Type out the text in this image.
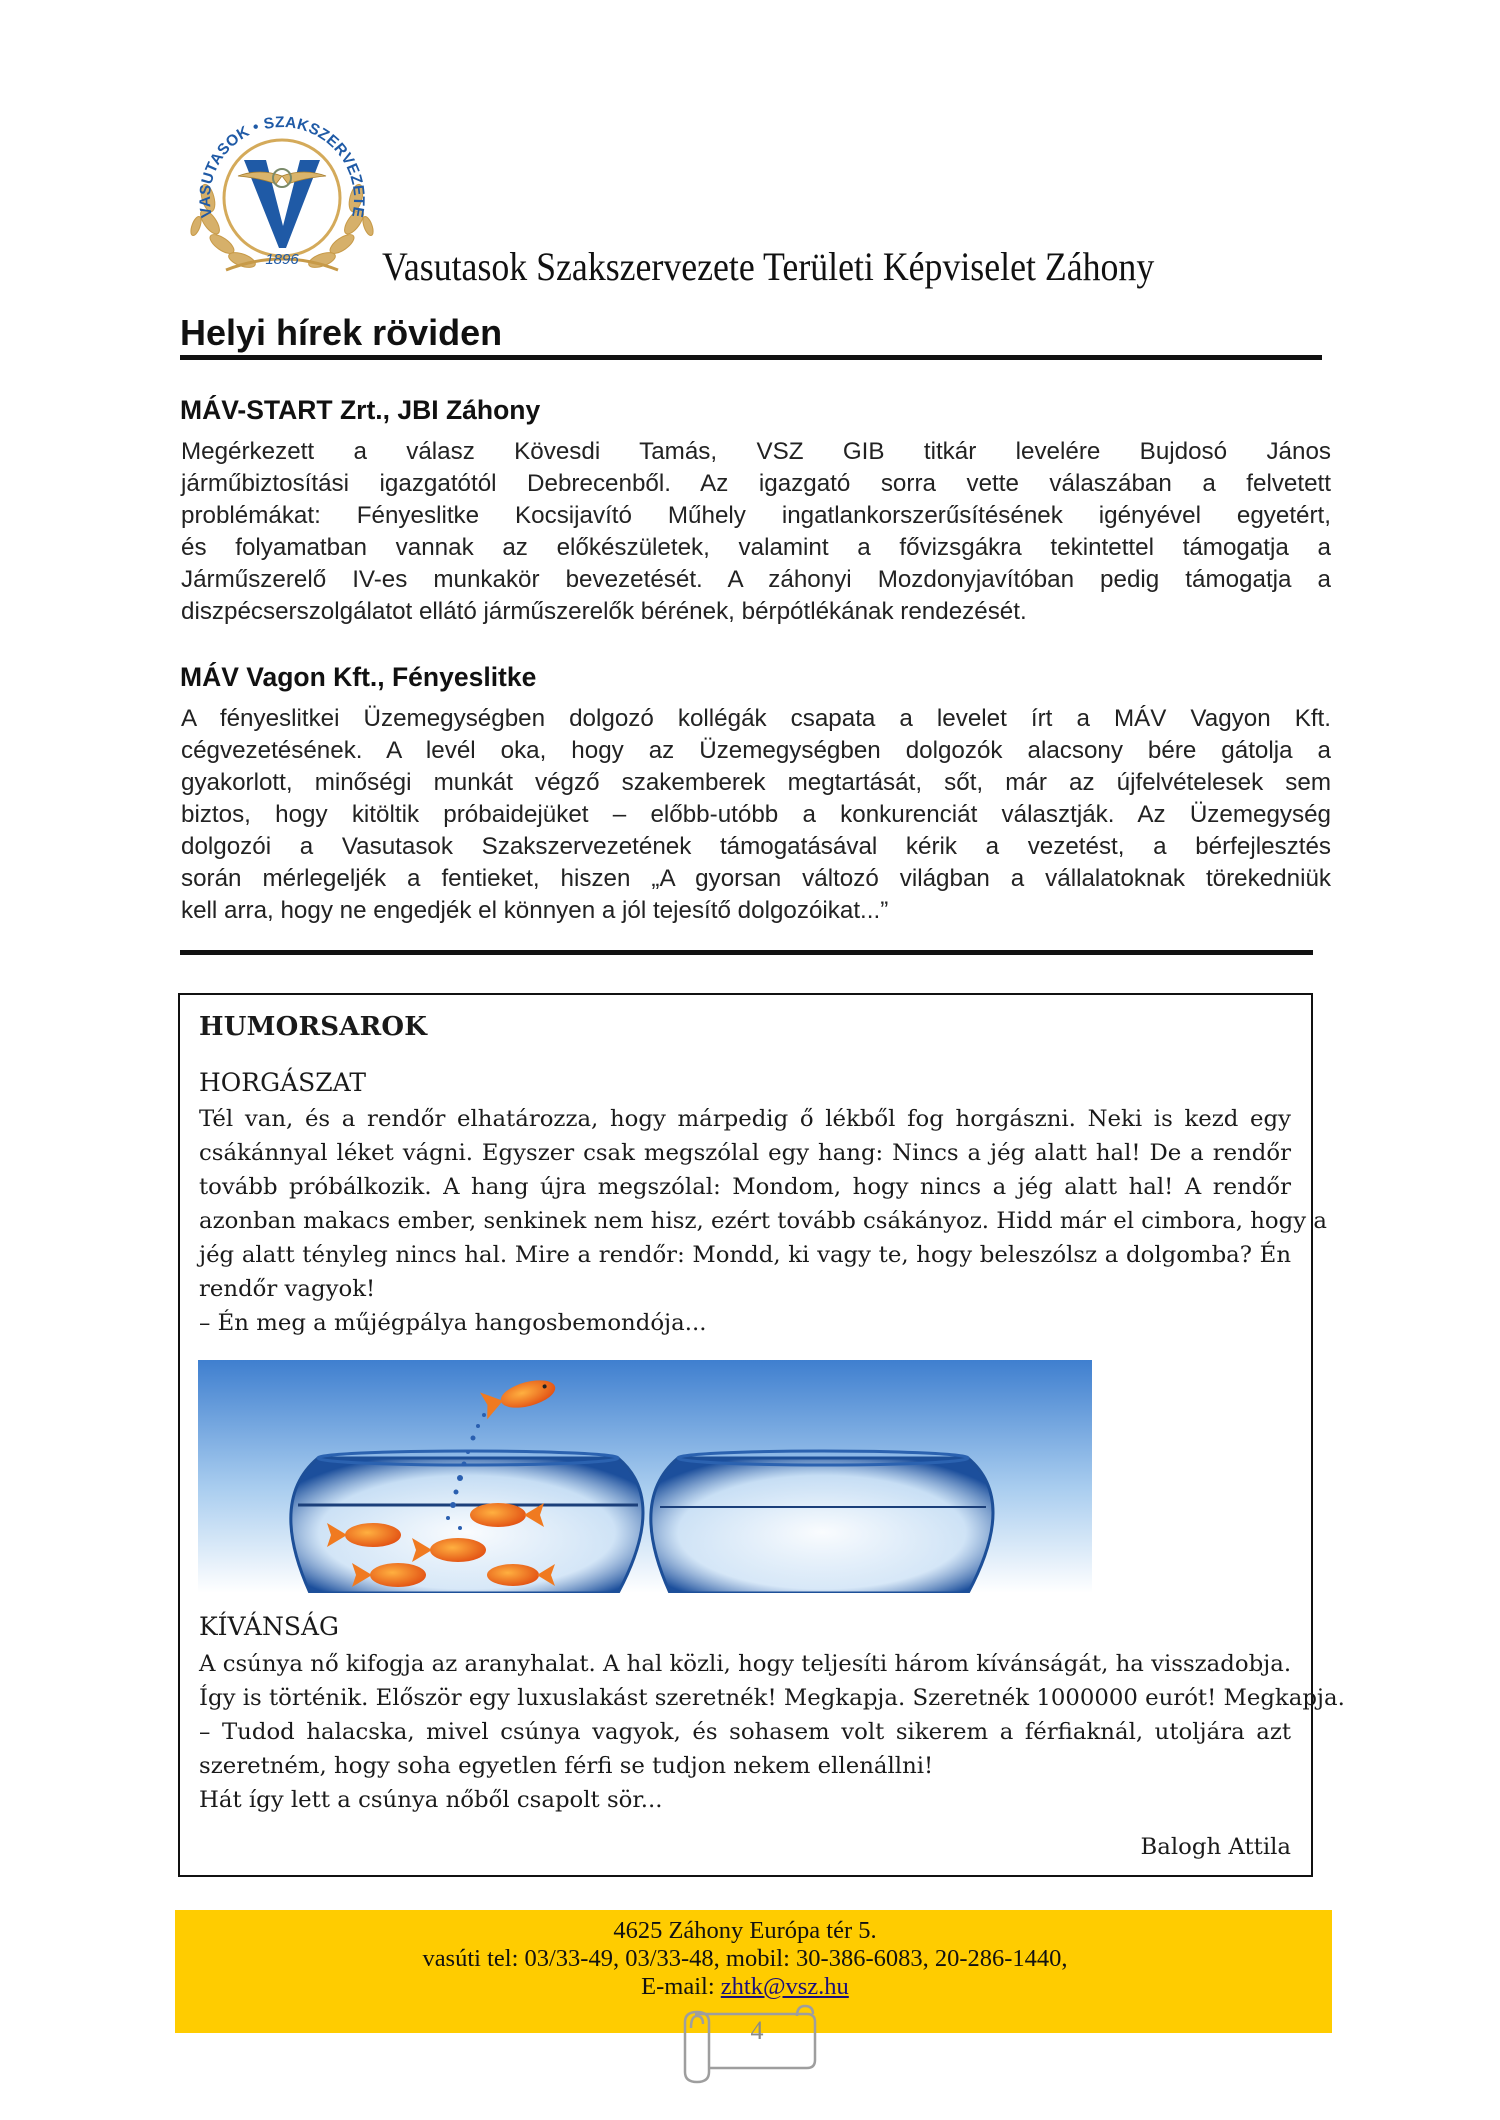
1896
VASUTASOK • SZAKSZERVEZETE
Vasutasok Szakszervezete Területi Képviselet Záhony
Helyi hírek röviden
MÁV-START Zrt., JBI Záhony
Megérkezett a válasz Kövesdi Tamás, VSZ GIB titkár levelére Bujdosó János
járműbiztosítási igazgatótól Debrecenből. Az igazgató sorra vette válaszában a felvetett
problémákat: Fényeslitke Kocsijavító Műhely ingatlankorszerűsítésének igényével egyetért,
és folyamatban vannak az előkészületek, valamint a fővizsgákra tekintettel támogatja a
Járműszerelő IV-es munkakör bevezetését. A záhonyi Mozdonyjavítóban pedig támogatja a
diszpécserszolgálatot ellátó járműszerelők bérének, bérpótlékának rendezését.
MÁV Vagon Kft., Fényeslitke
A fényeslitkei Üzemegységben dolgozó kollégák csapata a levelet írt a MÁV Vagyon Kft.
cégvezetésének. A levél oka, hogy az Üzemegységben dolgozók alacsony bére gátolja a
gyakorlott, minőségi munkát végző szakemberek megtartását, sőt, már az újfelvételesek sem
biztos, hogy kitöltik próbaidejüket – előbb-utóbb a konkurenciát választják. Az Üzemegység
dolgozói a Vasutasok Szakszervezetének támogatásával kérik a vezetést, a bérfejlesztés
során mérlegeljék a fentieket, hiszen „A gyorsan változó világban a vállalatoknak törekedniük
kell arra, hogy ne engedjék el könnyen a jól tejesítő dolgozóikat...”
HUMORSAROK
HORGÁSZAT
Tél van, és a rendőr elhatározza, hogy márpedig ő lékből fog horgászni. Neki is kezd egy
csákánnyal léket vágni. Egyszer csak megszólal egy hang: Nincs a jég alatt hal! De a rendőr
tovább próbálkozik. A hang újra megszólal: Mondom, hogy nincs a jég alatt hal! A rendőr
azonban makacs ember, senkinek nem hisz, ezért tovább csákányoz. Hidd már el cimbora, hogy a
jég alatt tényleg nincs hal. Mire a rendőr: Mondd, ki vagy te, hogy beleszólsz a dolgomba? Én
rendőr vagyok!
– Én meg a műjégpálya hangosbemondója...
KÍVÁNSÁG
A csúnya nő kifogja az aranyhalat. A hal közli, hogy teljesíti három kívánságát, ha visszadobja.
Így is történik. Először egy luxuslakást szeretnék! Megkapja. Szeretnék 1000000 eurót! Megkapja.
– Tudod halacska, mivel csúnya vagyok, és sohasem volt sikerem a férfiaknál, utoljára azt
szeretném, hogy soha egyetlen férfi se tudjon nekem ellenállni!
Hát így lett a csúnya nőből csapolt sör...
Balogh Attila
4625 Záhony Európa tér 5.
vasúti tel: 03/33-49, 03/33-48, mobil: 30-386-6083, 20-286-1440,
E-mail: zhtk@vsz.hu
4
